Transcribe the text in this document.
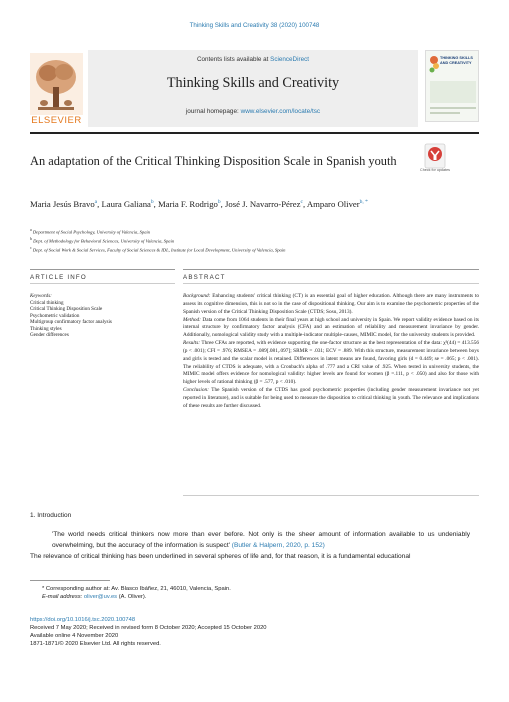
Thinking Skills and Creativity 38 (2020) 100748
ELSEVIER
Contents lists available at ScienceDirect
Thinking Skills and Creativity
journal homepage: www.elsevier.com/locate/tsc
THINKING SKILLS AND CREATIVITY
An adaptation of the Critical Thinking Disposition Scale in Spanish youth
Check for updates
Maria Jesús Bravo$^a$, Laura Galiana$^b$, Maria F. Rodrigo$^b$, José J. Navarro-Pérez$^c$, Amparo Oliver$^{b, *}$
$^a$ Department of Social Psychology, University of Valencia, Spain
$^b$ Dept. of Methodology for Behavioral Sciences, University of Valencia, Spain
$^c$ Dept. of Social Work & Social Services, Faculty of Social Sciences & IDL, Institute for Local Development, University of Valencia, Spain
ARTICLE INFO	ABSTRACT
Keywords:
Critical thinking
Critical Thinking Disposition Scale
Psychometric validation
Multigroup confirmatory factor analysis
Thinking styles
Gender differences

Background: Enhancing students' critical thinking (CT) is an essential goal of higher education. Although there are many instruments to assess its cognitive dimension, this is not so in the case of dispositional thinking. Our aim is to examine the psychometric properties of the Spanish version of the Critical Thinking Disposition Scale (CTDS; Sosu, 2013).

Method: Data come from 1064 students in their final years at high school and university in Spain. We report validity evidence based on its internal structure by confirmatory factor analysis (CFA) and an estimation of reliability and measurement invariance by gender. Additionally, nomological validity study with a multiple-indicator multiple-causes, MIMIC model, for the university students is provided.

Results: Three CFAs are reported, with evidence supporting the one-factor structure as the best representation of the data: χ²(44) = 413.556 (p < .001); CFI = .976; RMSEA = .089[.081,.097]; SRMR = .031; ECV = .889. With this structure, measurement invariance between boys and girls is tested and the scalar model is retained. Differences in latent means are found, favoring girls (d = 0.449; se = .065; p < .001). The reliability of CTDS is adequate, with a Cronbach's alpha of .777 and a CRI value of .925. When tested in university students, the MIMIC model offers evidence for nomological validity: higher levels are found for women (β =.111, p < .050) and also for those with higher levels of rational thinking (β = .577, p < .010).

Conclusion: The Spanish version of the CTDS has good psychometric properties (including gender measurement invariance not yet reported in literature), and is suitable for being used to measure the disposition to critical thinking in youth. The relevance and implications of these results are further discussed.

1. Introduction
'The world needs critical thinkers now more than ever before. Not only is the sheer amount of information available to us undeniably overwhelming, but the accuracy of the information is suspect' (Butler & Halpern, 2020, p. 152)
The relevance of critical thinking has been underlined in several spheres of life and, for that reason, it is a fundamental educational
* Corresponding author at: Av. Blasco Ibáñez, 21, 46010, Valencia, Spain.
E-mail address: oliver@uv.es (A. Oliver).
https://doi.org/10.1016/j.tsc.2020.100748
Received 7 May 2020; Received in revised form 8 October 2020; Accepted 15 October 2020
Available online 4 November 2020
1871-1871/© 2020 Elsevier Ltd. All rights reserved.
